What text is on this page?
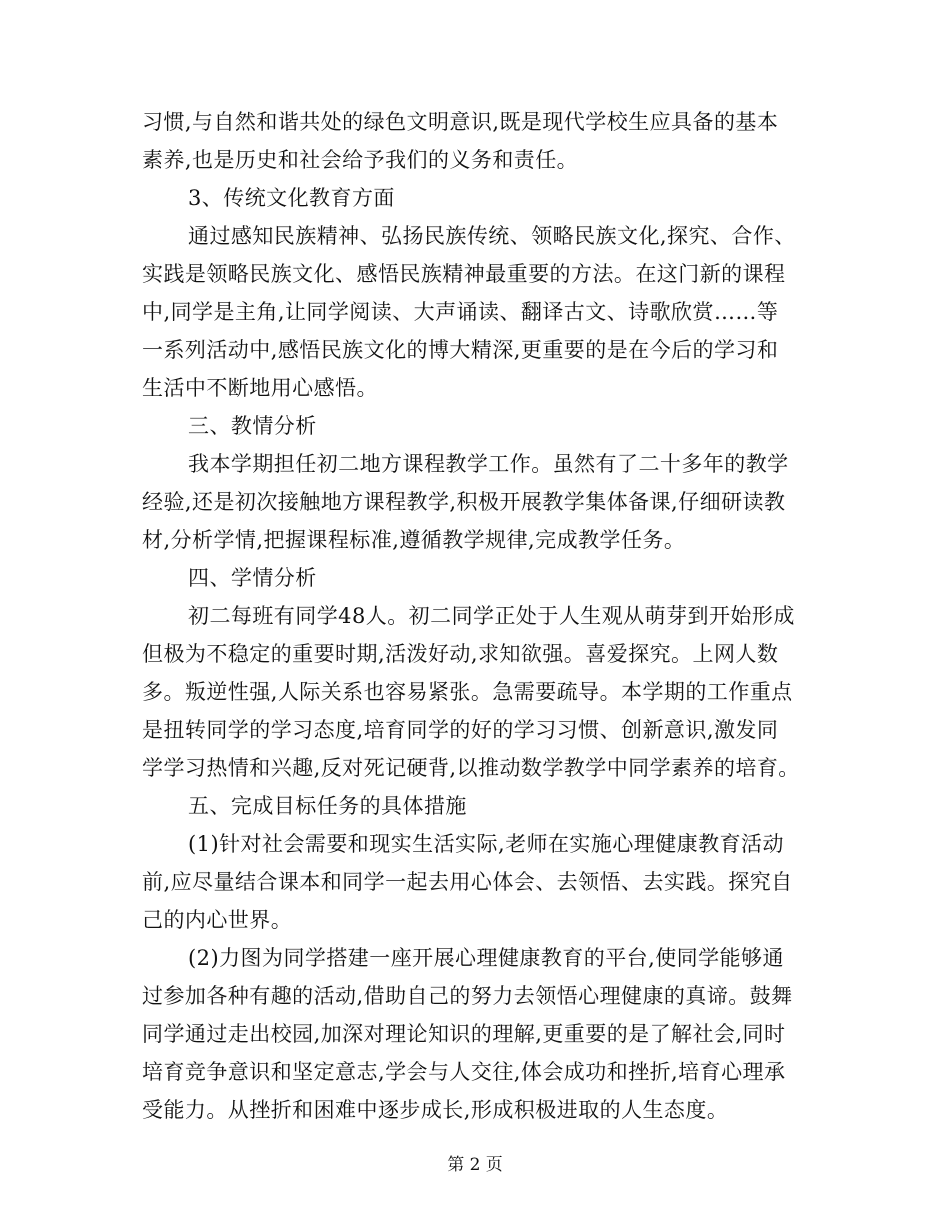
习惯,与自然和谐共处的绿色文明意识,既是现代学校生应具备的基本
素养,也是历史和社会给予我们的义务和责任。
3、传统文化教育方面
通过感知民族精神、弘扬民族传统、领略民族文化,探究、合作、
实践是领略民族文化、感悟民族精神最重要的方法。在这门新的课程
中,同学是主角,让同学阅读、大声诵读、翻译古文、诗歌欣赏……等
一系列活动中,感悟民族文化的博大精深,更重要的是在今后的学习和
生活中不断地用心感悟。
三、教情分析
我本学期担任初二地方课程教学工作。虽然有了二十多年的教学
经验,还是初次接触地方课程教学,积极开展教学集体备课,仔细研读教
材,分析学情,把握课程标准,遵循教学规律,完成教学任务。
四、学情分析
初二每班有同学48人。初二同学正处于人生观从萌芽到开始形成
但极为不稳定的重要时期,活泼好动,求知欲强。喜爱探究。上网人数
多。叛逆性强,人际关系也容易紧张。急需要疏导。本学期的工作重点
是扭转同学的学习态度,培育同学的好的学习习惯、创新意识,激发同
学学习热情和兴趣,反对死记硬背,以推动数学教学中同学素养的培育。
五、完成目标任务的具体措施
(1)针对社会需要和现实生活实际,老师在实施心理健康教育活动
前,应尽量结合课本和同学一起去用心体会、去领悟、去实践。探究自
己的内心世界。
(2)力图为同学搭建一座开展心理健康教育的平台,使同学能够通
过参加各种有趣的活动,借助自己的努力去领悟心理健康的真谛。鼓舞
同学通过走出校园,加深对理论知识的理解,更重要的是了解社会,同时
培育竞争意识和坚定意志,学会与人交往,体会成功和挫折,培育心理承
受能力。从挫折和困难中逐步成长,形成积极进取的人生态度。
第 2 页
